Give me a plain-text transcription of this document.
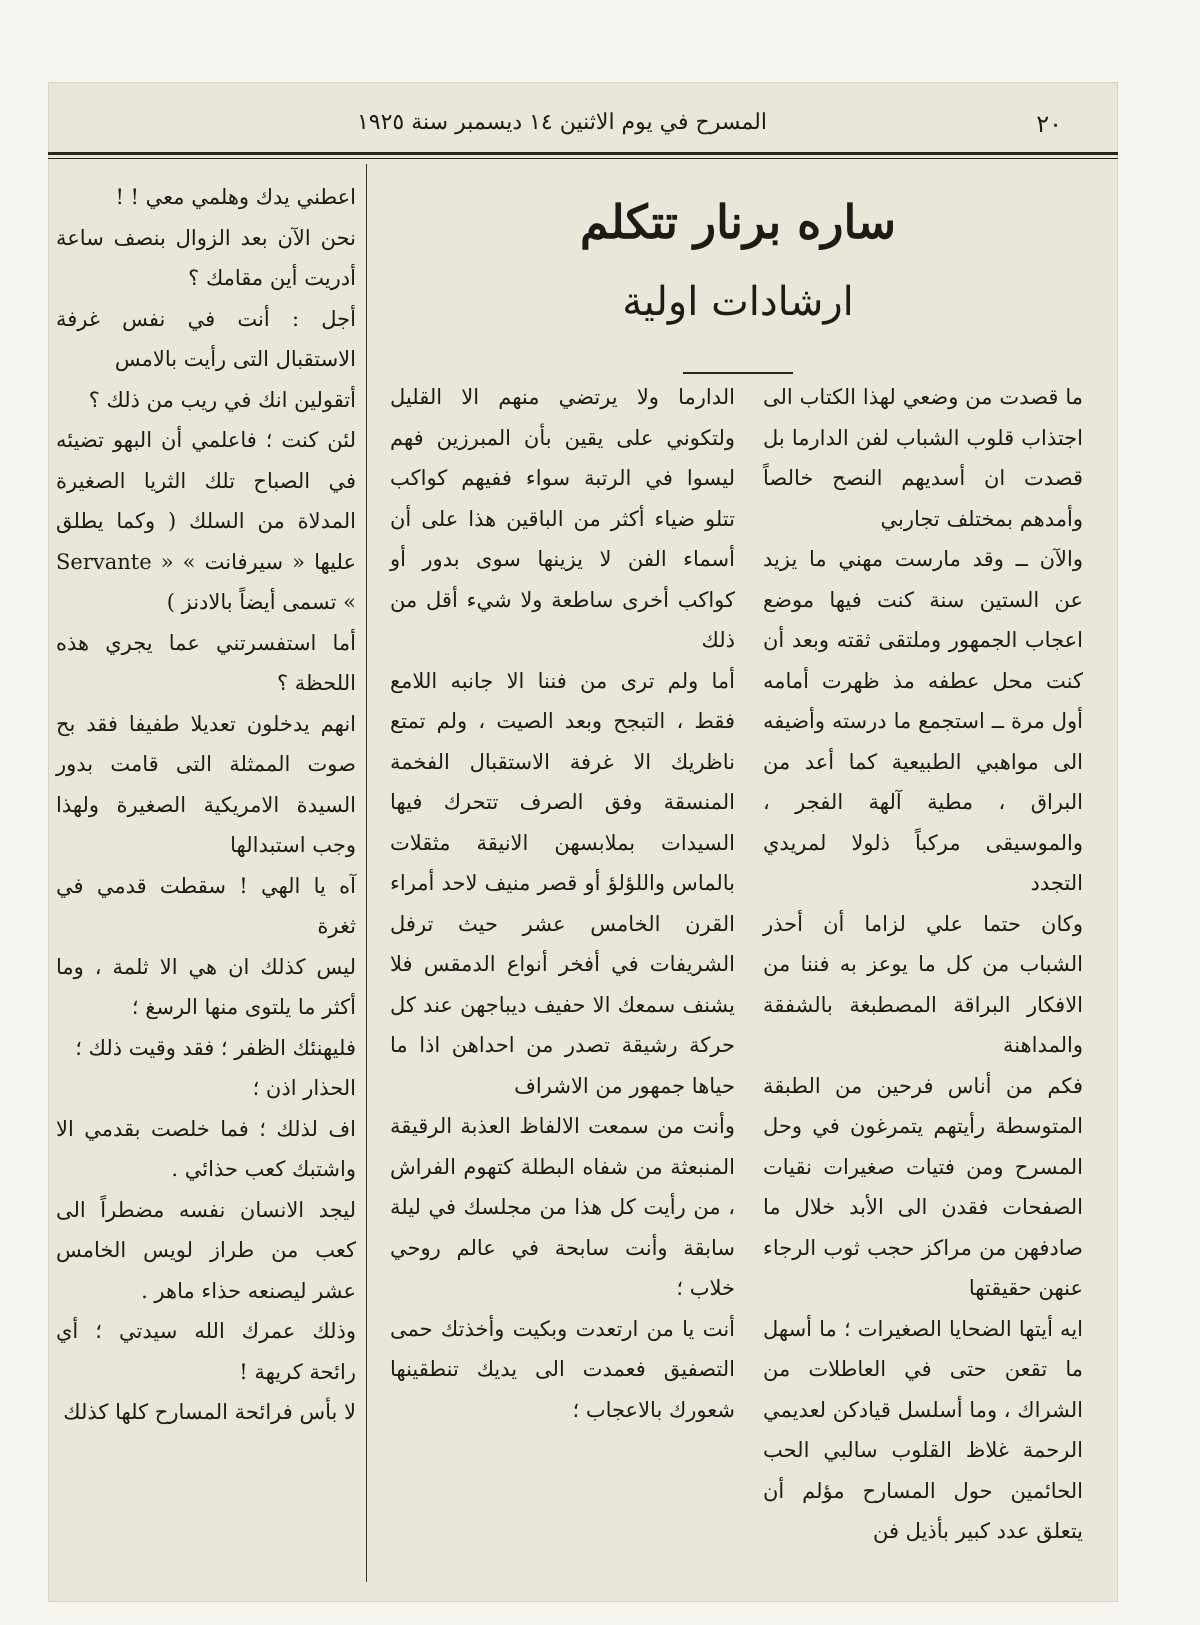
٢٠
المسرح في يوم الاثنين ١٤ ديسمبر سنة ١٩٢٥
ساره برنار تتكلم
ارشادات اولية

ما قصدت من وضعي لهذا الكتاب الى اجتذاب قلوب الشباب لفن الدارما بل قصدت ان أسديهم النصح خالصاً وأمدهم بمختلف تجاربي

والآن ــ وقد مارست مهني ما يزيد عن الستين سنة كنت فيها موضع اعجاب الجمهور وملتقى ثقته وبعد أن كنت محل عطفه مذ ظهرت أمامه أول مرة ــ استجمع ما درسته وأضيفه الى مواهبي الطبيعية كما أعد من البراق ، مطية آلهة الفجر ، والموسيقى مركباً ذلولا لمريدي التجدد

وكان حتما علي لزاما أن أحذر الشباب من كل ما يوعز به فننا من الافكار البراقة المصطبغة بالشفقة والمداهنة

فكم من أناس فرحين من الطبقة المتوسطة رأيتهم يتمرغون في وحل المسرح ومن فتيات صغيرات نقيات الصفحات فقدن الى الأبد خلال ما صادفهن من مراكز حجب ثوب الرجاء عنهن حقيقتها

ايه أيتها الضحايا الصغيرات ؛ ما أسهل ما تقعن حتى في العاطلات من الشراك ، وما أسلسل قيادكن لعديمي الرحمة غلاظ القلوب سالبي الحب الحائمين حول المسارح مؤلم أن يتعلق عدد كبير بأذيل فن

الدارما ولا يرتضي منهم الا القليل ولتكوني على يقين بأن المبرزين فهم ليسوا في الرتبة سواء ففيهم كواكب تتلو ضياء أكثر من الباقين هذا على أن أسماء الفن لا يزينها سوى بدور أو كواكب أخرى ساطعة ولا شيء أقل من ذلك

أما ولم ترى من فننا الا جانبه اللامع فقط ، التبجح وبعد الصيت ، ولم تمتع ناظريك الا غرفة الاستقبال الفخمة المنسقة وفق الصرف تتحرك فيها السيدات بملابسهن الانيقة مثقلات بالماس واللؤلؤ أو قصر منيف لاحد أمراء القرن الخامس عشر حيث ترفل الشريفات في أفخر أنواع الدمقس فلا يشنف سمعك الا حفيف ديباجهن عند كل حركة رشيقة تصدر من احداهن اذا ما حياها جمهور من الاشراف

وأنت من سمعت الالفاظ العذبة الرقيقة المنبعثة من شفاه البطلة كتهوم الفراش ، من رأيت كل هذا من مجلسك في ليلة سابقة وأنت سابحة في عالم روحي خلاب ؛

أنت يا من ارتعدت وبكيت وأخذتك حمى التصفيق فعمدت الى يديك تنطقينها شعورك بالاعجاب ؛

اعطني يدك وهلمي معي ! !

نحن الآن بعد الزوال بنصف ساعة أدريت أين مقامك ؟

أجل : أنت في نفس غرفة الاستقبال التى رأيت بالامس

أتقولين انك في ريب من ذلك ؟

لئن كنت ؛ فاعلمي أن البهو تضيئه في الصباح تلك الثريا الصغيرة المدلاة من السلك ( وكما يطلق عليها « سيرفانت » « Servante » تسمى أيضاً بالادنز )

أما استفسرتني عما يجري هذه اللحظة ؟

انهم يدخلون تعديلا طفيفا فقد بح صوت الممثلة التى قامت بدور السيدة الامريكية الصغيرة ولهذا وجب استبدالها

آه يا الهي ! سقطت قدمي في ثغرة

ليس كذلك ان هي الا ثلمة ، وما أكثر ما يلتوى منها الرسغ ؛

فليهنئك الظفر ؛ فقد وقيت ذلك ؛

الحذار اذن ؛

اف لذلك ؛ فما خلصت بقدمي الا واشتبك كعب حذائي .

ليجد الانسان نفسه مضطراً الى كعب من طراز لويس الخامس عشر ليصنعه حذاء ماهر .

وذلك عمرك الله سيدتي ؛ أي رائحة كريهة !

لا بأس فرائحة المسارح كلها كذلك
